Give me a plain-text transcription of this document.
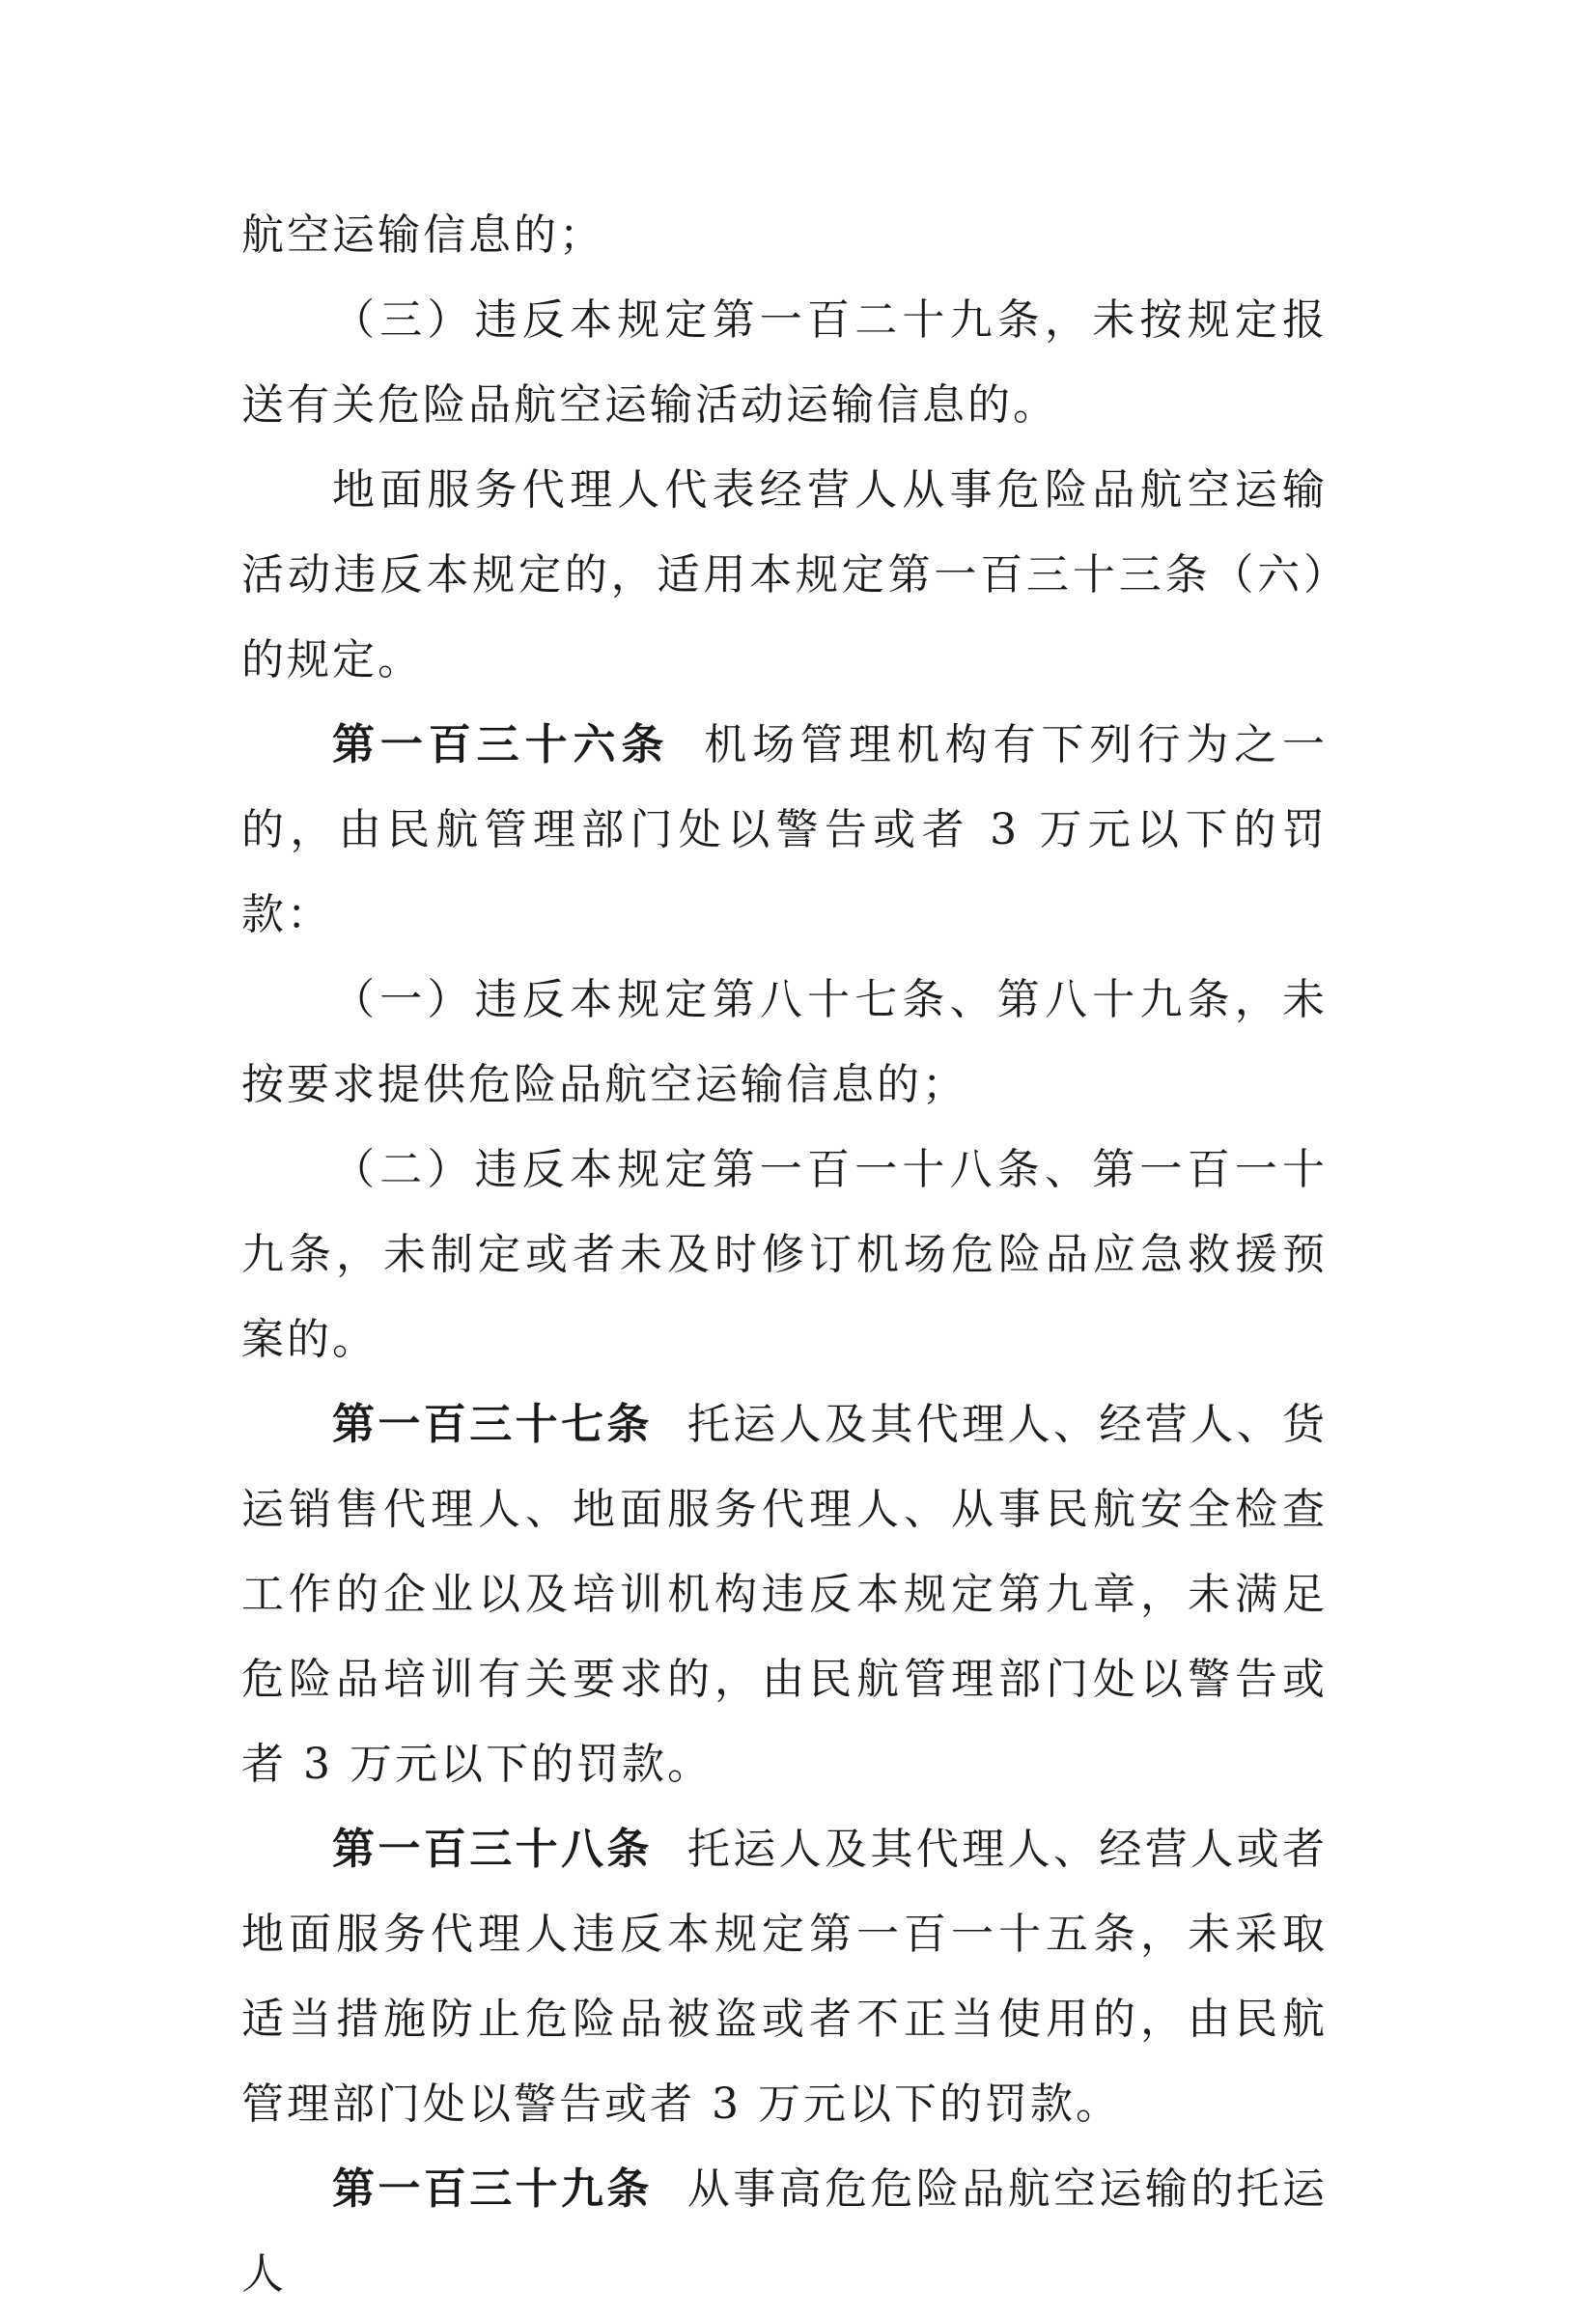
航空运输信息的；

（三）违反本规定第一百二十九条，未按规定报送有关危险品航空运输活动运输信息的。

地面服务代理人代表经营人从事危险品航空运输活动违反本规定的，适用本规定第一百三十三条（六）的规定。

第一百三十六条 机场管理机构有下列行为之一的，由民航管理部门处以警告或者 3 万元以下的罚款：

（一）违反本规定第八十七条、第八十九条，未按要求提供危险品航空运输信息的；

（二）违反本规定第一百一十八条、第一百一十九条，未制定或者未及时修订机场危险品应急救援预案的。

第一百三十七条 托运人及其代理人、经营人、货运销售代理人、地面服务代理人、从事民航安全检查工作的企业以及培训机构违反本规定第九章，未满足危险品培训有关要求的，由民航管理部门处以警告或者 3 万元以下的罚款。

第一百三十八条 托运人及其代理人、经营人或者地面服务代理人违反本规定第一百一十五条，未采取适当措施防止危险品被盗或者不正当使用的，由民航管理部门处以警告或者 3 万元以下的罚款。

第一百三十九条 从事高危危险品航空运输的托运人
